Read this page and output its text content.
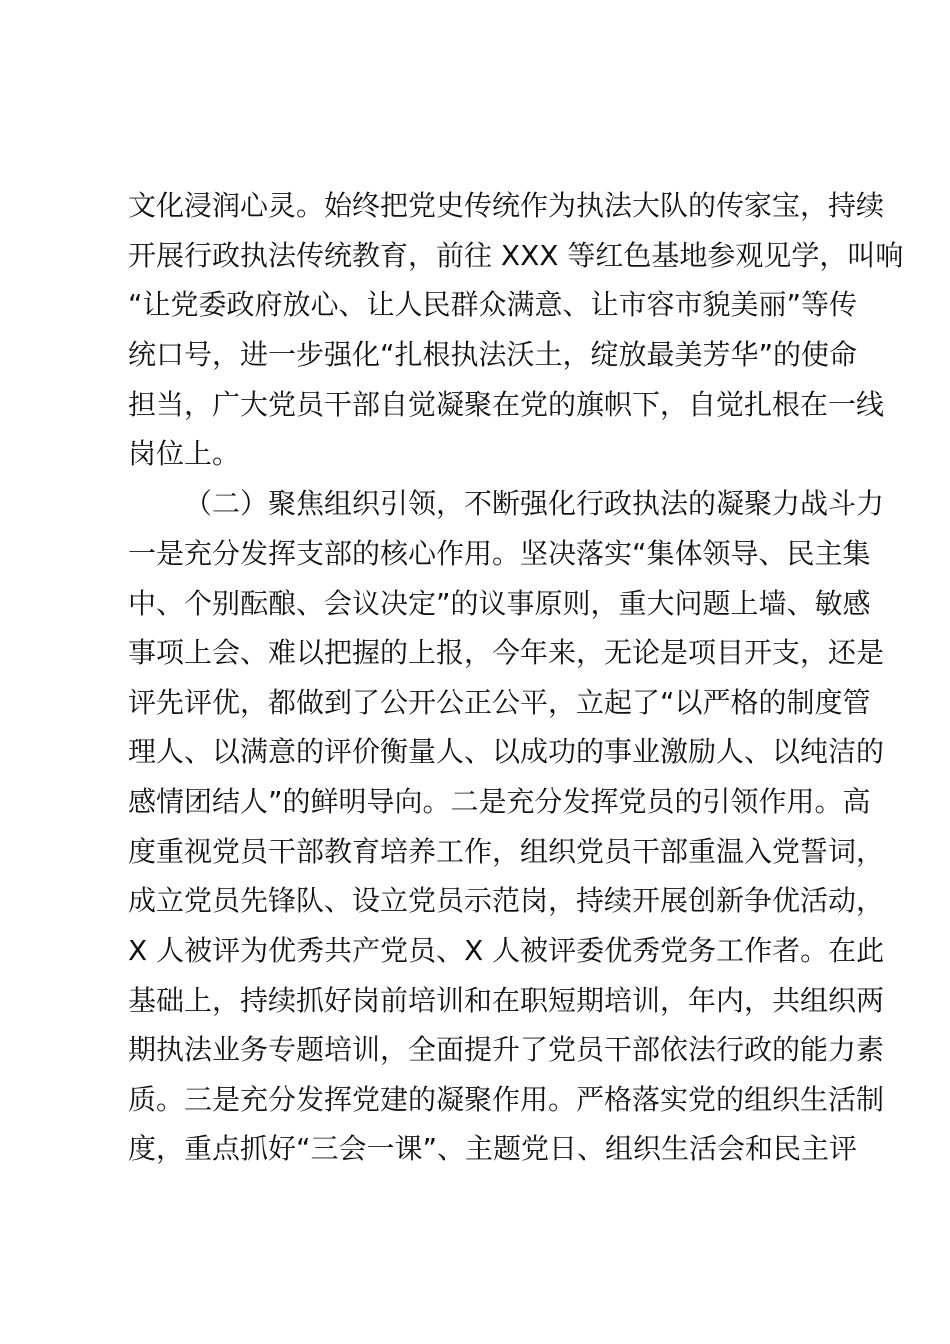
文化浸润心灵。始终把党史传统作为执法大队的传家宝，持续
开展行政执法传统教育，前往 XXX 等红色基地参观见学，叫响
“让党委政府放心、让人民群众满意、让市容市貌美丽”等传
统口号，进一步强化“扎根执法沃土，绽放最美芳华”的使命
担当，广大党员干部自觉凝聚在党的旗帜下，自觉扎根在一线
岗位上。
（二）聚焦组织引领，不断强化行政执法的凝聚力战斗力
一是充分发挥支部的核心作用。坚决落实“集体领导、民主集
中、个别酝酿、会议决定”的议事原则，重大问题上墙、敏感
事项上会、难以把握的上报，今年来，无论是项目开支，还是
评先评优，都做到了公开公正公平，立起了“以严格的制度管
理人、以满意的评价衡量人、以成功的事业激励人、以纯洁的
感情团结人”的鲜明导向。二是充分发挥党员的引领作用。高
度重视党员干部教育培养工作，组织党员干部重温入党誓词，
成立党员先锋队、设立党员示范岗，持续开展创新争优活动，
X 人被评为优秀共产党员、X 人被评委优秀党务工作者。在此
基础上，持续抓好岗前培训和在职短期培训，年内，共组织两
期执法业务专题培训，全面提升了党员干部依法行政的能力素
质。三是充分发挥党建的凝聚作用。严格落实党的组织生活制
度，重点抓好“三会一课”、主题党日、组织生活会和民主评
